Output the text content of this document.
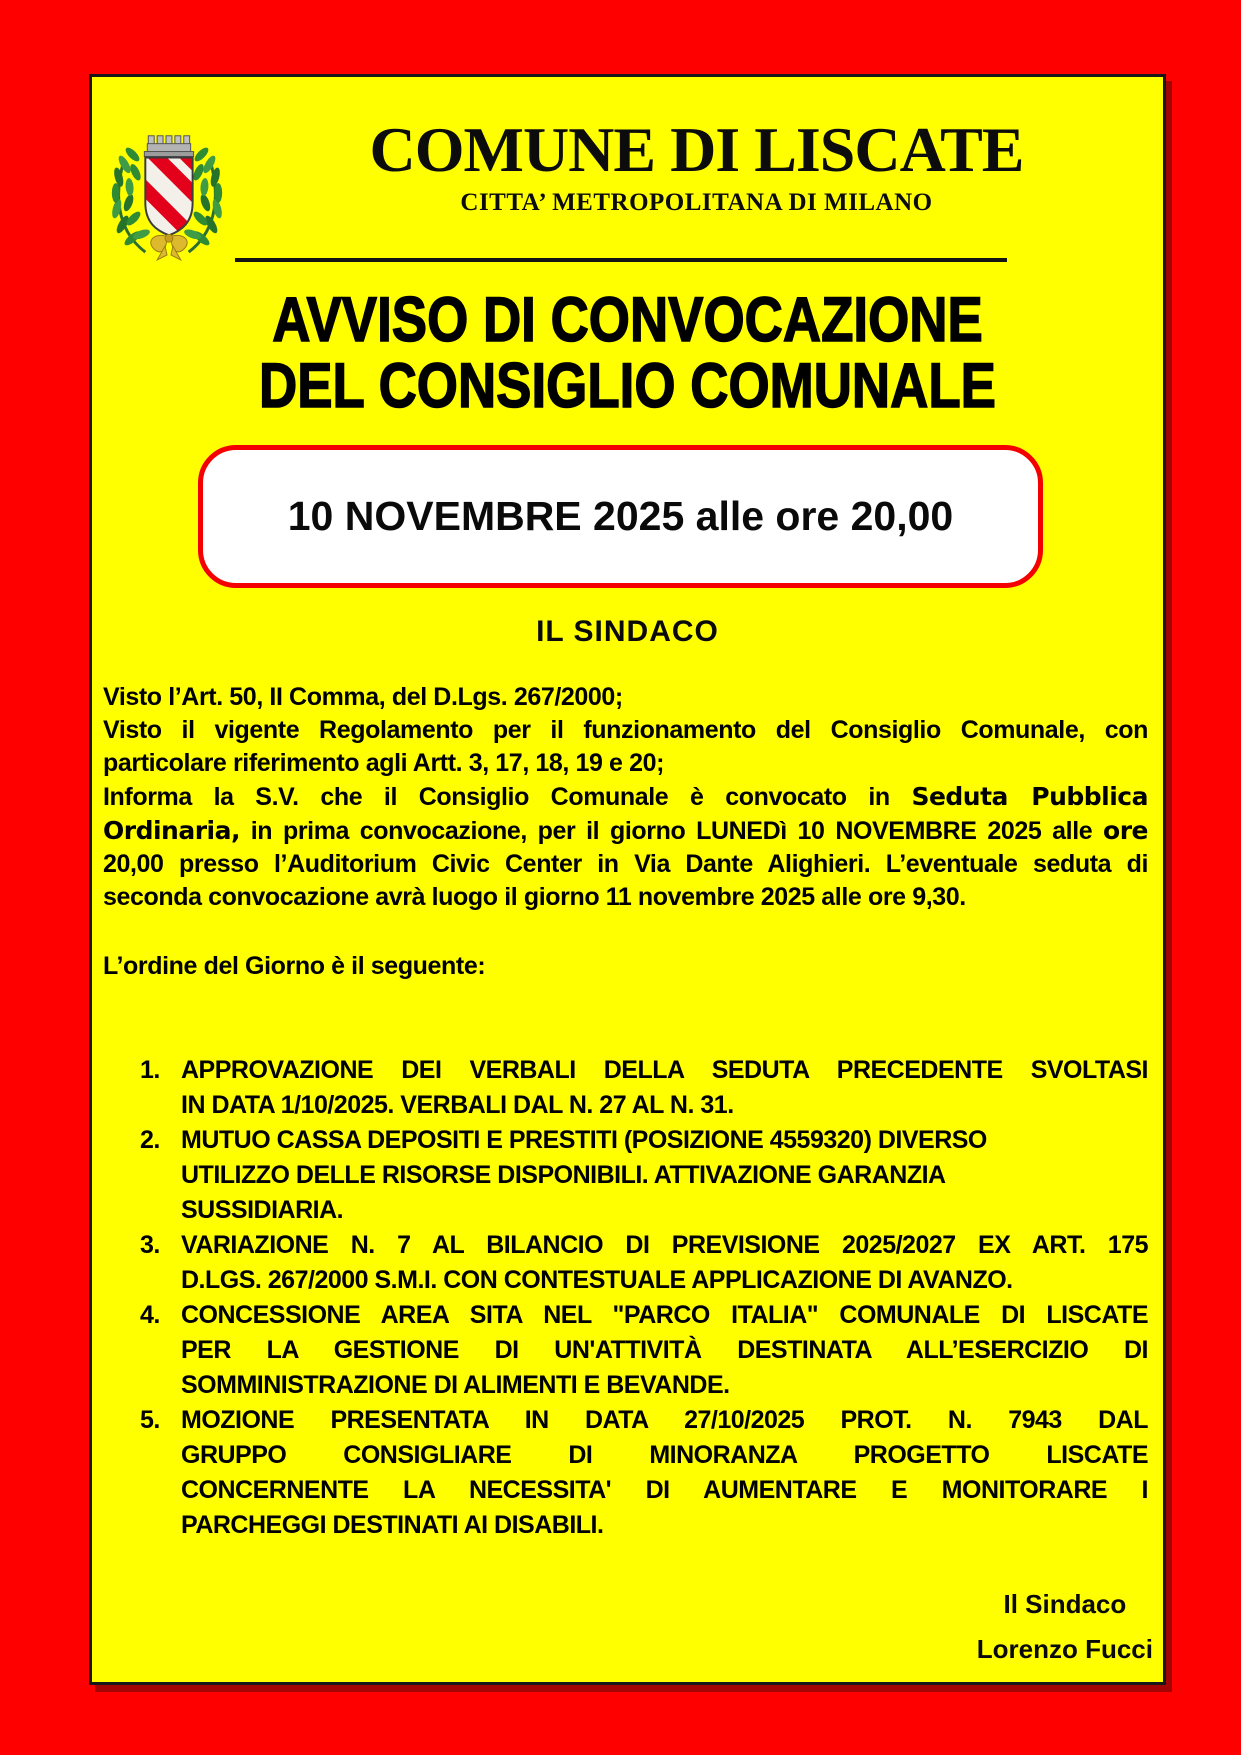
COMUNE DI LISCATE
CITTA’ METROPOLITANA DI MILANO
AVVISO DI CONVOCAZIONE
DEL CONSIGLIO COMUNALE
10 NOVEMBRE 2025 alle ore 20,00
IL SINDACO
Visto l’Art. 50, II Comma, del D.Lgs. 267/2000;
Visto il vigente Regolamento per il funzionamento del Consiglio Comunale, con
particolare riferimento agli Artt. 3, 17, 18, 19 e 20;
Informa la S.V. che il Consiglio Comunale è convocato in Seduta Pubblica
Ordinaria, in prima convocazione, per il giorno LUNEDì 10 NOVEMBRE 2025 alle ore
20,00 presso l’Auditorium Civic Center in Via Dante Alighieri. L’eventuale seduta di
seconda convocazione avrà luogo il giorno 11 novembre 2025 alle ore 9,30.
L’ordine del Giorno è il seguente:
1. APPROVAZIONE DEI VERBALI DELLA SEDUTA PRECEDENTE SVOLTASI
IN DATA 1/10/2025. VERBALI DAL N. 27 AL N. 31.
2. MUTUO CASSA DEPOSITI E PRESTITI (POSIZIONE 4559320) DIVERSO
UTILIZZO DELLE RISORSE DISPONIBILI. ATTIVAZIONE GARANZIA
SUSSIDIARIA.
3. VARIAZIONE N. 7 AL BILANCIO DI PREVISIONE 2025/2027 EX ART. 175
D.LGS. 267/2000 S.M.I. CON CONTESTUALE APPLICAZIONE DI AVANZO.
4. CONCESSIONE AREA SITA NEL "PARCO ITALIA" COMUNALE DI LISCATE
PER LA GESTIONE DI UN'ATTIVITÀ DESTINATA ALL’ESERCIZIO DI
SOMMINISTRAZIONE DI ALIMENTI E BEVANDE.
5. MOZIONE PRESENTATA IN DATA 27/10/2025 PROT. N. 7943 DAL
GRUPPO CONSIGLIARE DI MINORANZA PROGETTO LISCATE
CONCERNENTE LA NECESSITA' DI AUMENTARE E MONITORARE I
PARCHEGGI DESTINATI AI DISABILI.
Il Sindaco
Lorenzo Fucci
